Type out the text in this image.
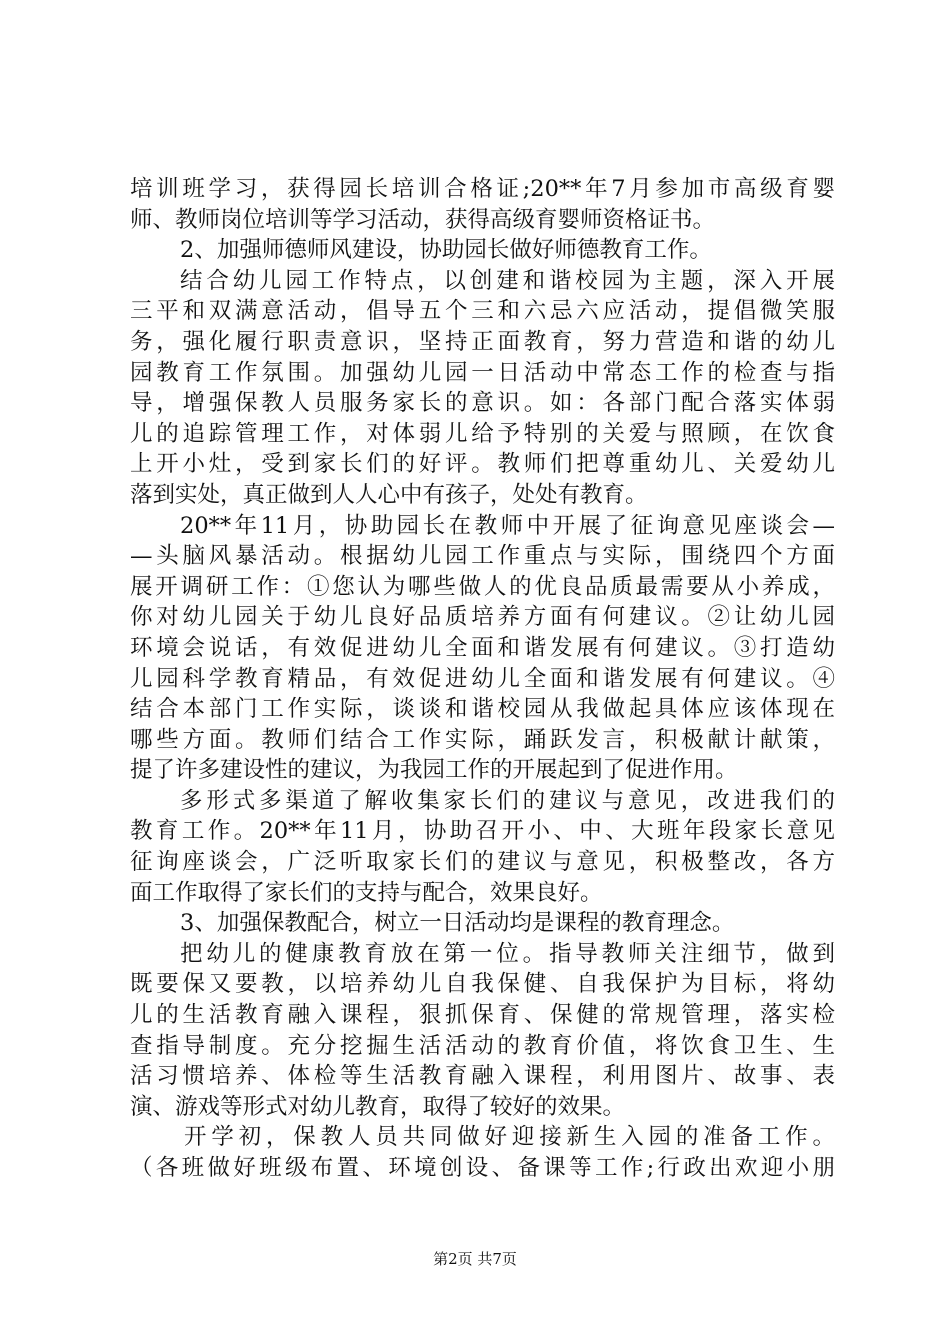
培训班学习，获得园长培训合格证;20**年7月参加市高级育婴
师、教师岗位培训等学习活动，获得高级育婴师资格证书。
2、加强师德师风建设，协助园长做好师德教育工作。
结合幼儿园工作特点，以创建和谐校园为主题，深入开展
三平和双满意活动，倡导五个三和六忌六应活动，提倡微笑服
务，强化履行职责意识，坚持正面教育，努力营造和谐的幼儿
园教育工作氛围。加强幼儿园一日活动中常态工作的检查与指
导，增强保教人员服务家长的意识。如：各部门配合落实体弱
儿的追踪管理工作，对体弱儿给予特别的关爱与照顾，在饮食
上开小灶，受到家长们的好评。教师们把尊重幼儿、关爱幼儿
落到实处，真正做到人人心中有孩子，处处有教育。
20**年11月，协助园长在教师中开展了征询意见座谈会—
—头脑风暴活动。根据幼儿园工作重点与实际，围绕四个方面
展开调研工作：①您认为哪些做人的优良品质最需要从小养成，
你对幼儿园关于幼儿良好品质培养方面有何建议。②让幼儿园
环境会说话，有效促进幼儿全面和谐发展有何建议。③打造幼
儿园科学教育精品，有效促进幼儿全面和谐发展有何建议。④
结合本部门工作实际，谈谈和谐校园从我做起具体应该体现在
哪些方面。教师们结合工作实际，踊跃发言，积极献计献策，
提了许多建设性的建议，为我园工作的开展起到了促进作用。
多形式多渠道了解收集家长们的建议与意见，改进我们的
教育工作。20**年11月，协助召开小、中、大班年段家长意见
征询座谈会，广泛听取家长们的建议与意见，积极整改，各方
面工作取得了家长们的支持与配合，效果良好。
3、加强保教配合，树立一日活动均是课程的教育理念。
把幼儿的健康教育放在第一位。指导教师关注细节，做到
既要保又要教，以培养幼儿自我保健、自我保护为目标，将幼
儿的生活教育融入课程，狠抓保育、保健的常规管理，落实检
查指导制度。充分挖掘生活活动的教育价值，将饮食卫生、生
活习惯培养、体检等生活教育融入课程，利用图片、故事、表
演、游戏等形式对幼儿教育，取得了较好的效果。
开学初，保教人员共同做好迎接新生入园的准备工作。
（各班做好班级布置、环境创设、备课等工作;行政出欢迎小朋
第2页 共7页
